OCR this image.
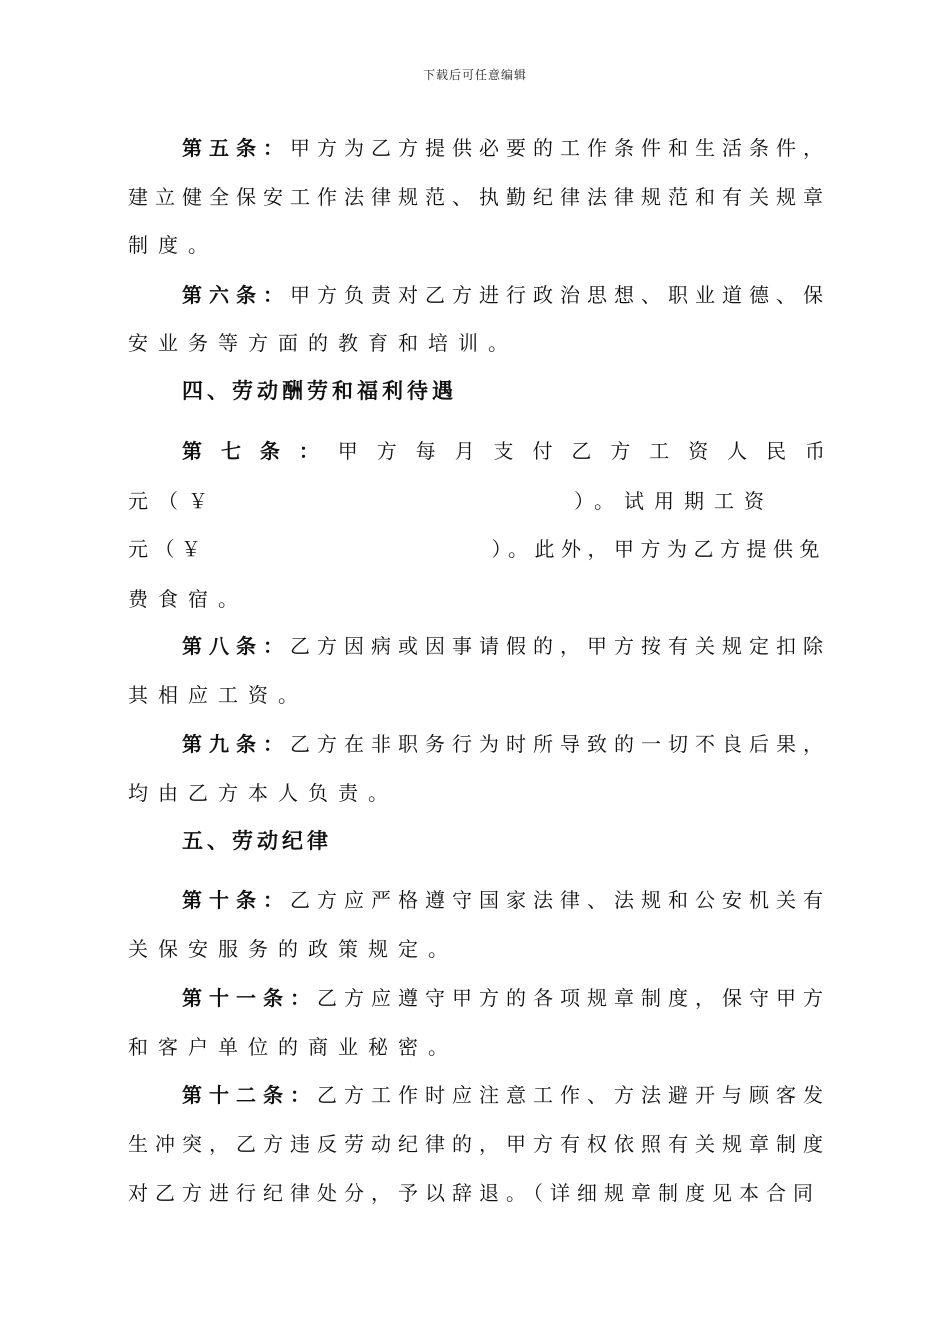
下载后可任意编辑
第五条：甲方为乙方提供必要的工作条件和生活条件，
建立健全保安工作法律规范、执勤纪律法律规范和有关规章
制度。
第六条：甲方负责对乙方进行政治思想、职业道德、保
安业务等方面的教育和培训。
四、劳动酬劳和福利待遇
第 七 条 ： 甲 方 每 月 支 付 乙 方 工 资 人 民 币
元（￥	）。试用期工资
元（￥	）。此外，甲方为乙方提供免
费食宿。
第八条：乙方因病或因事请假的，甲方按有关规定扣除
其相应工资。
第九条：乙方在非职务行为时所导致的一切不良后果，
均由乙方本人负责。
五、劳动纪律
第十条：乙方应严格遵守国家法律、法规和公安机关有
关保安服务的政策规定。
第十一条：乙方应遵守甲方的各项规章制度，保守甲方
和客户单位的商业秘密。
第十二条：乙方工作时应注意工作、方法避开与顾客发
生冲突，乙方违反劳动纪律的，甲方有权依照有关规章制度
对乙方进行纪律处分，予以辞退。（详细规章制度见本合同
